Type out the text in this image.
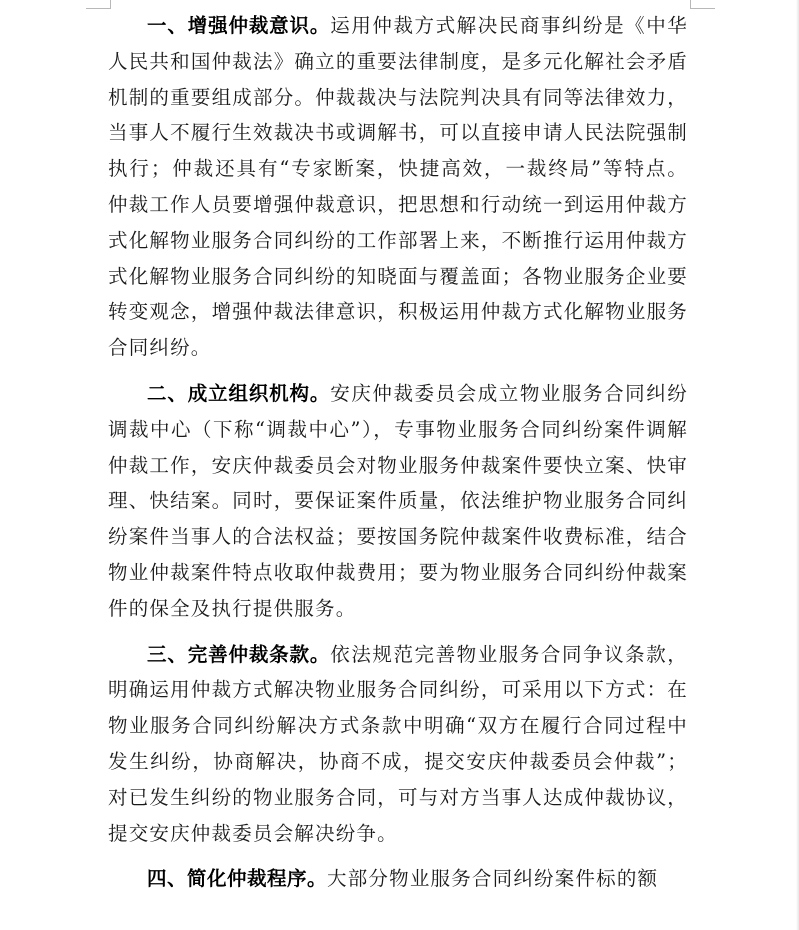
一、增强仲裁意识。运用仲裁方式解决民商事纠纷是《中华人民共和国仲裁法》确立的重要法律制度，是多元化解社会矛盾机制的重要组成部分。仲裁裁决与法院判决具有同等法律效力，当事人不履行生效裁决书或调解书，可以直接申请人民法院强制执行；仲裁还具有“专家断案，快捷高效，一裁终局”等特点。仲裁工作人员要增强仲裁意识，把思想和行动统一到运用仲裁方式化解物业服务合同纠纷的工作部署上来，不断推行运用仲裁方式化解物业服务合同纠纷的知晓面与覆盖面；各物业服务企业要转变观念，增强仲裁法律意识，积极运用仲裁方式化解物业服务合同纠纷。

二、成立组织机构。安庆仲裁委员会成立物业服务合同纠纷调裁中心（下称“调裁中心”），专事物业服务合同纠纷案件调解仲裁工作，安庆仲裁委员会对物业服务仲裁案件要快立案、快审理、快结案。同时，要保证案件质量，依法维护物业服务合同纠纷案件当事人的合法权益；要按国务院仲裁案件收费标准，结合物业仲裁案件特点收取仲裁费用；要为物业服务合同纠纷仲裁案件的保全及执行提供服务。

三、完善仲裁条款。依法规范完善物业服务合同争议条款，明确运用仲裁方式解决物业服务合同纠纷，可采用以下方式：在物业服务合同纠纷解决方式条款中明确“双方在履行合同过程中发生纠纷，协商解决，协商不成，提交安庆仲裁委员会仲裁”；对已发生纠纷的物业服务合同，可与对方当事人达成仲裁协议，提交安庆仲裁委员会解决纷争。

四、简化仲裁程序。大部分物业服务合同纠纷案件标的额
